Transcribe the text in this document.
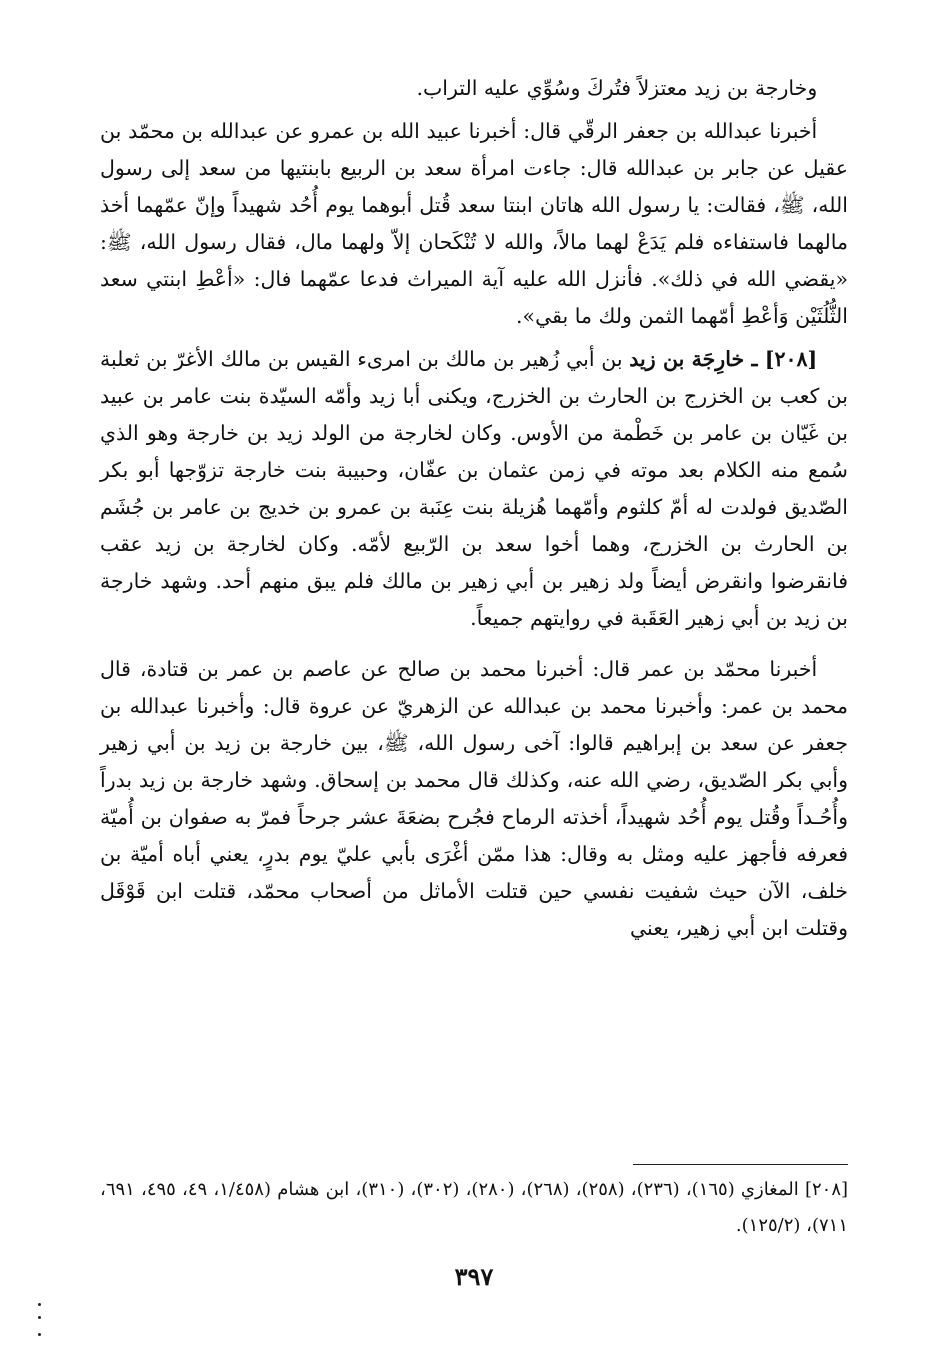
وخارجة بن زيد معتزلاً فتُركَ وسُوِّي عليه التراب.

أخبرنا عبدالله بن جعفر الرقّي قال: أخبرنا عبيد الله بن عمرو عن عبدالله بن محمّد بن عقيل عن جابر بن عبدالله قال: جاءت امرأة سعد بن الربيع بابنتيها من سعد إلى رسول الله، ﷺ، فقالت: يا رسول الله هاتان ابنتا سعد قُتل أبوهما يوم أُحُد شهيداً وإنّ عمّهما أخذ مالهما فاستفاءه فلم يَدَعْ لهما مالاً، والله لا تُنْكَحان إلاّ ولهما مال، فقال رسول الله، ﷺ: «يقضي الله في ذلك». فأنزل الله عليه آية الميراث فدعا عمّهما فال: «أعْطِ ابنتي سعد الثُّلُثَيْن وَأعْطِ أمّهما الثمن ولك ما بقي».

[٢٠٨] ـ خارِجَة بن زيد بن أبي زُهير بن مالك بن امرىء القيس بن مالك الأغرّ بن ثعلبة بن كعب بن الخزرج بن الحارث بن الخزرج، ويكنى أبا زيد وأمّه السيّدة بنت عامر بن عبيد بن غَيّان بن عامر بن خَطْمة من الأوس. وكان لخارجة من الولد زيد بن خارجة وهو الذي سُمع منه الكلام بعد موته في زمن عثمان بن عفّان، وحبيبة بنت خارجة تزوّجها أبو بكر الصّديق فولدت له أمّ كلثوم وأمّهما هُزيلة بنت عِنَبة بن عمرو بن خديج بن عامر بن جُشَم بن الحارث بن الخزرج، وهما أخوا سعد بن الرّبيع لأمّه. وكان لخارجة بن زيد عقب فانقرضوا وانقرض أيضاً ولد زهير بن أبي زهير بن مالك فلم يبق منهم أحد. وشهد خارجة بن زيد بن أبي زهير العَقَبة في روايتهم جميعاً.

أخبرنا محمّد بن عمر قال: أخبرنا محمد بن صالح عن عاصم بن عمر بن قتادة، قال محمد بن عمر: وأخبرنا محمد بن عبدالله عن الزهريّ عن عروة قال: وأخبرنا عبدالله بن جعفر عن سعد بن إبراهيم قالوا: آخى رسول الله، ﷺ، بين خارجة بن زيد بن أبي زهير وأبي بكر الصّديق، رضي الله عنه، وكذلك قال محمد بن إسحاق. وشهد خارجة بن زيد بدراً وأُحُـداً وقُتل يوم أُحُد شهيداً، أخذته الرماح فجُرح بضعَةَ عشر جرحاً فمرّ به صفوان بن أُميّة فعرفه فأجهز عليه ومثل به وقال: هذا ممّن أغْرَى بأبي عليّ يوم بدرٍ، يعني أباه أميّة بن خلف، الآن حيث شفيت نفسي حين قتلت الأماثل من أصحاب محمّد، قتلت ابن قَوْقَل وقتلت ابن أبي زهير، يعني

[٢٠٨] المغازي (١٦٥)، (٢٣٦)، (٢٥٨)، (٢٦٨)، (٢٨٠)، (٣٠٢)، (٣١٠)، ابن هشام (١/٤٥٨، ٤٩، ٤٩٥، ٦٩١، ٧١١)، (١٢٥/٢).

٣٩٧
